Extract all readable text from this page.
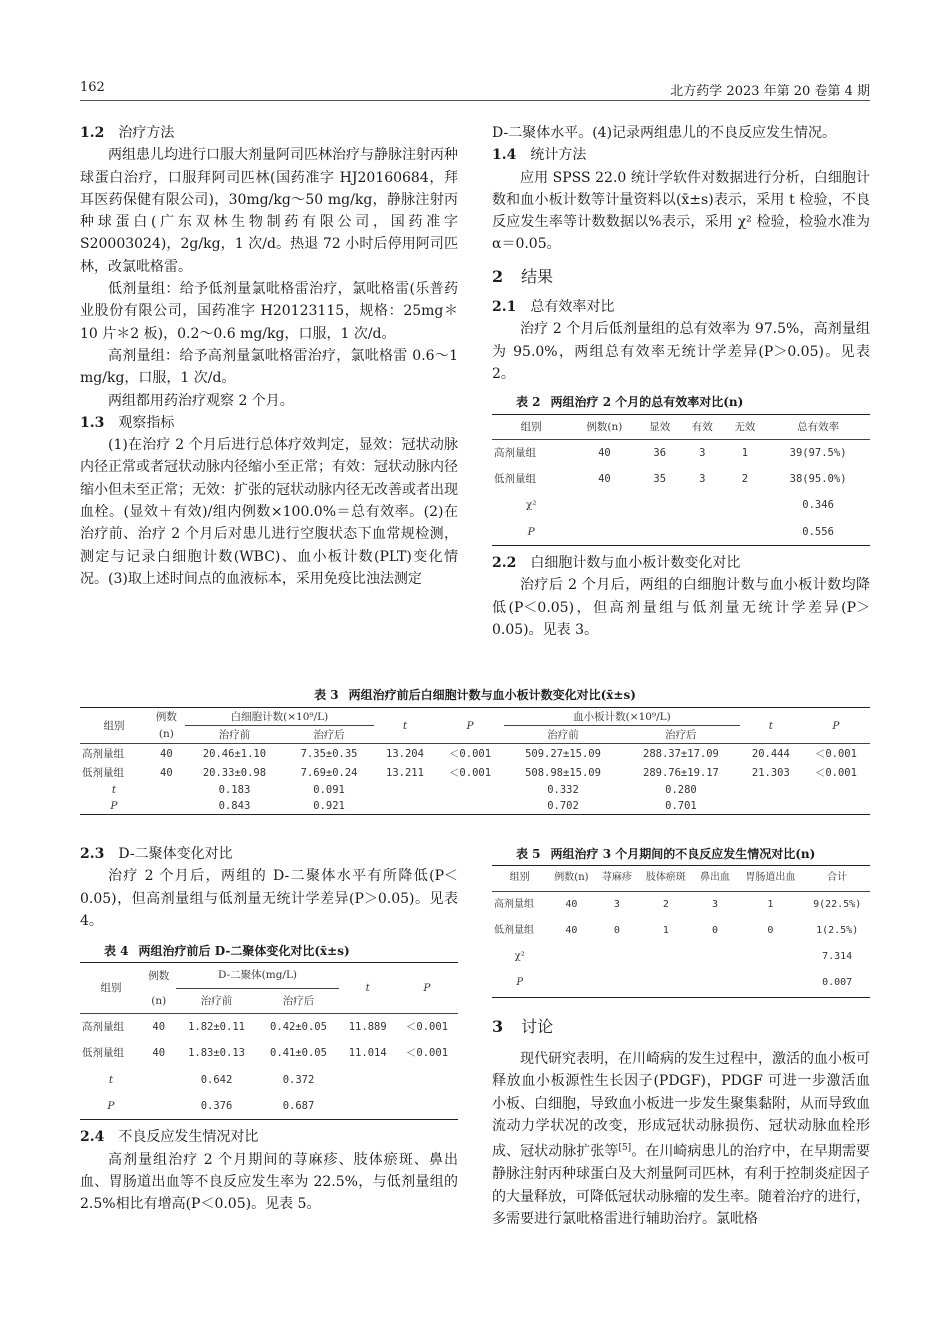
162	北方药学 2023 年第 20 卷第 4 期

1.2 治疗方法

两组患儿均进行口服大剂量阿司匹林治疗与静脉注射丙种球蛋白治疗，口服拜阿司匹林(国药准字 HJ20160684，拜耳医药保健有限公司)，30mg/kg～50 mg/kg，静脉注射丙种球蛋白(广东双林生物制药有限公司，国药准字 S20003024)，2g/kg，1 次/d。热退 72 小时后停用阿司匹林，改氯吡格雷。

低剂量组：给予低剂量氯吡格雷治疗，氯吡格雷(乐普药业股份有限公司，国药准字 H20123115，规格：25mg＊10 片＊2 板)，0.2～0.6 mg/kg，口服，1 次/d。

高剂量组：给予高剂量氯吡格雷治疗，氯吡格雷 0.6～1 mg/kg，口服，1 次/d。

两组都用药治疗观察 2 个月。

1.3 观察指标

(1)在治疗 2 个月后进行总体疗效判定，显效：冠状动脉内径正常或者冠状动脉内径缩小至正常；有效：冠状动脉内径缩小但未至正常；无效：扩张的冠状动脉内径无改善或者出现血栓。(显效＋有效)/组内例数×100.0%＝总有效率。(2)在治疗前、治疗 2 个月后对患儿进行空腹状态下血常规检测，测定与记录白细胞计数(WBC)、血小板计数(PLT)变化情况。(3)取上述时间点的血液标本，采用免疫比浊法测定

D-二聚体水平。(4)记录两组患儿的不良反应发生情况。

1.4 统计方法

应用 SPSS 22.0 统计学软件对数据进行分析，白细胞计数和血小板计数等计量资料以(x̄±s)表示，采用 t 检验，不良反应发生率等计数数据以%表示，采用 χ² 检验，检验水准为 α＝0.05。

2 结果

2.1 总有效率对比

治疗 2 个月后低剂量组的总有效率为 97.5%，高剂量组为 95.0%，两组总有效率无统计学差异(P＞0.05)。见表 2。

表 2 两组治疗 2 个月的总有效率对比(n)

组别	例数(n)	显效	有效	无效	总有效率
高剂量组	40	36	3	1	39(97.5%)
低剂量组	40	35	3	2	38(95.0%)
χ²					0.346
P					0.556

2.2 白细胞计数与血小板计数变化对比

治疗后 2 个月后，两组的白细胞计数与血小板计数均降低(P＜0.05)，但高剂量组与低剂量无统计学差异(P＞0.05)。见表 3。

表 3 两组治疗前后白细胞计数与血小板计数变化对比(x̄±s)

组别	例数	白细胞计数(×10⁹/L)		t	P	血小板计数(×10⁹/L)		t	P
	(n)	治疗前	治疗后			治疗前	治疗后		
高剂量组	40	20.46±1.10	7.35±0.35	13.204	＜0.001	509.27±15.09	288.37±17.09	20.444	＜0.001
低剂量组	40	20.33±0.98	7.69±0.24	13.211	＜0.001	508.98±15.09	289.76±19.17	21.303	＜0.001
t		0.183	0.091			0.332	0.280		
P		0.843	0.921			0.702	0.701		

2.3 D-二聚体变化对比

治疗 2 个月后，两组的 D-二聚体水平有所降低(P＜0.05)，但高剂量组与低剂量无统计学差异(P＞0.05)。见表 4。

表 4 两组治疗前后 D-二聚体变化对比(x̄±s)

组别	例数	D-二聚体(mg/L)		t	P
	(n)	治疗前	治疗后		
高剂量组	40	1.82±0.11	0.42±0.05	11.889	＜0.001
低剂量组	40	1.83±0.13	0.41±0.05	11.014	＜0.001
t		0.642	0.372		
P		0.376	0.687		

2.4 不良反应发生情况对比

高剂量组治疗 2 个月期间的荨麻疹、肢体瘀斑、鼻出血、胃肠道出血等不良反应发生率为 22.5%，与低剂量组的 2.5%相比有增高(P＜0.05)。见表 5。

表 5 两组治疗 3 个月期间的不良反应发生情况对比(n)

组别	例数(n)	荨麻疹	肢体瘀斑	鼻出血	胃肠道出血	合计
高剂量组	40	3	2	3	1	9(22.5%)
低剂量组	40	0	1	0	0	1(2.5%)
χ²						7.314
P						0.007

3 讨论

现代研究表明，在川崎病的发生过程中，激活的血小板可释放血小板源性生长因子(PDGF)，PDGF 可进一步激活血小板、白细胞，导致血小板进一步发生聚集黏附，从而导致血流动力学状况的改变，形成冠状动脉损伤、冠状动脉血栓形成、冠状动脉扩张等[5]。在川崎病患儿的治疗中，在早期需要静脉注射丙种球蛋白及大剂量阿司匹林，有利于控制炎症因子的大量释放，可降低冠状动脉瘤的发生率。随着治疗的进行，多需要进行氯吡格雷进行辅助治疗。氯吡格
